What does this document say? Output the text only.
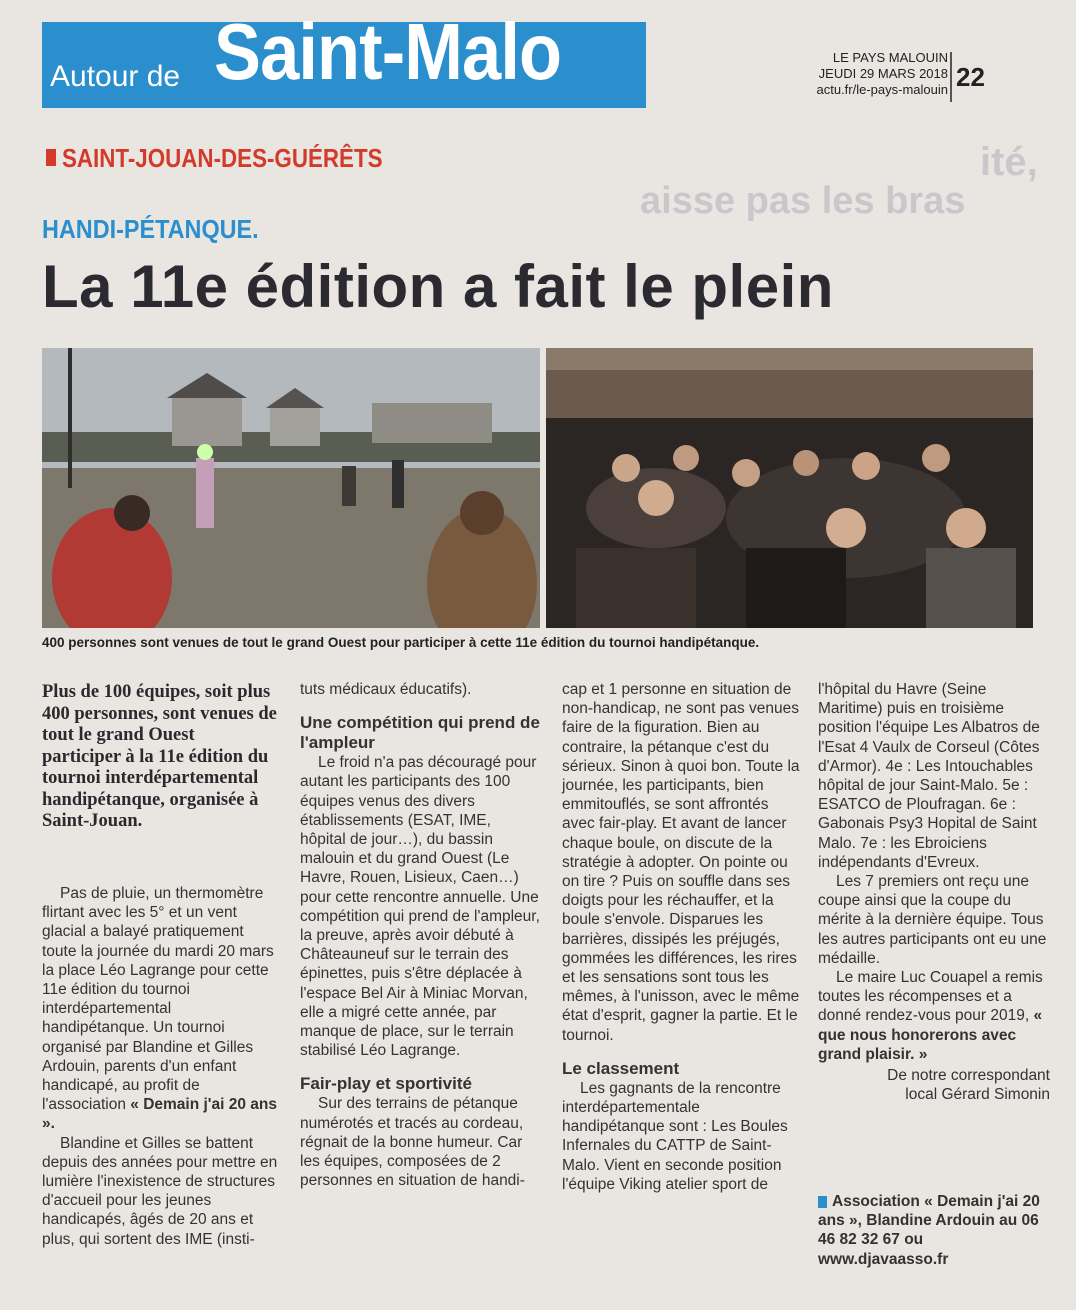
ité,
aisse pas les bras
Autour de Saint-Malo	LE PAYS MALOUIN
JEUDI 29 MARS 2018
actu.fr/le-pays-malouin 22
SAINT-JOUAN-DES-GUÉRÊTS
HANDI-PÉTANQUE.
La 11e édition a fait le plein
400 personnes sont venues de tout le grand Ouest pour participer à cette 11e édition du tournoi handipétanque.
Plus de 100 équipes, soit plus 400 personnes, sont venues de tout le grand Ouest participer à la 11e édition du tournoi interdépartemental handipétanque, organisée à Saint-Jouan.

Pas de pluie, un thermomètre flirtant avec les 5° et un vent glacial a balayé pratiquement toute la journée du mardi 20 mars la place Léo Lagrange pour cette 11e édition du tournoi interdépartemental handipétanque. Un tournoi organisé par Blandine et Gilles Ardouin, parents d'un enfant handicapé, au profit de l'association « Demain j'ai 20 ans ».

Blandine et Gilles se battent depuis des années pour mettre en lumière l'inexistence de structures d'accueil pour les jeunes handicapés, âgés de 20 ans et plus, qui sortent des IME (insti-

tuts médicaux éducatifs).

Une compétition qui prend de l'ampleur

Le froid n'a pas découragé pour autant les participants des 100 équipes venus des divers établissements (ESAT, IME, hôpital de jour…), du bassin malouin et du grand Ouest (Le Havre, Rouen, Lisieux, Caen…) pour cette rencontre annuelle. Une compétition qui prend de l'ampleur, la preuve, après avoir débuté à Châteauneuf sur le terrain des épinettes, puis s'être déplacée à l'espace Bel Air à Miniac Morvan, elle a migré cette année, par manque de place, sur le terrain stabilisé Léo Lagrange.

Fair-play et sportivité

Sur des terrains de pétanque numérotés et tracés au cordeau, régnait de la bonne humeur. Car les équipes, composées de 2 personnes en situation de handi-

cap et 1 personne en situation de non-handicap, ne sont pas venues faire de la figuration. Bien au contraire, la pétanque c'est du sérieux. Sinon à quoi bon. Toute la journée, les participants, bien emmitouflés, se sont affrontés avec fair-play. Et avant de lancer chaque boule, on discute de la stratégie à adopter. On pointe ou on tire ? Puis on souffle dans ses doigts pour les réchauffer, et la boule s'envole. Disparues les barrières, dissipés les préjugés, gommées les différences, les rires et les sensations sont tous les mêmes, à l'unisson, avec le même état d'esprit, gagner la partie. Et le tournoi.

Le classement

Les gagnants de la rencontre interdépartementale handipétanque sont : Les Boules Infernales du CATTP de Saint-Malo. Vient en seconde position l'équipe Viking atelier sport de

l'hôpital du Havre (Seine Maritime) puis en troisième position l'équipe Les Albatros de l'Esat 4 Vaulx de Corseul (Côtes d'Armor). 4e : Les Intouchables hôpital de jour Saint-Malo. 5e : ESATCO de Ploufragan. 6e : Gabonais Psy3 Hopital de Saint Malo. 7e : les Ebroiciens indépendants d'Evreux.

Les 7 premiers ont reçu une coupe ainsi que la coupe du mérite à la dernière équipe. Tous les autres participants ont eu une médaille.

Le maire Luc Couapel a remis toutes les récompenses et a donné rendez-vous pour 2019, « que nous honorerons avec grand plaisir. »

De notre correspondant

local Gérard Simonin

Association « Demain j'ai 20 ans », Blandine Ardouin au 06 46 82 32 67 ou www.djavaasso.fr
